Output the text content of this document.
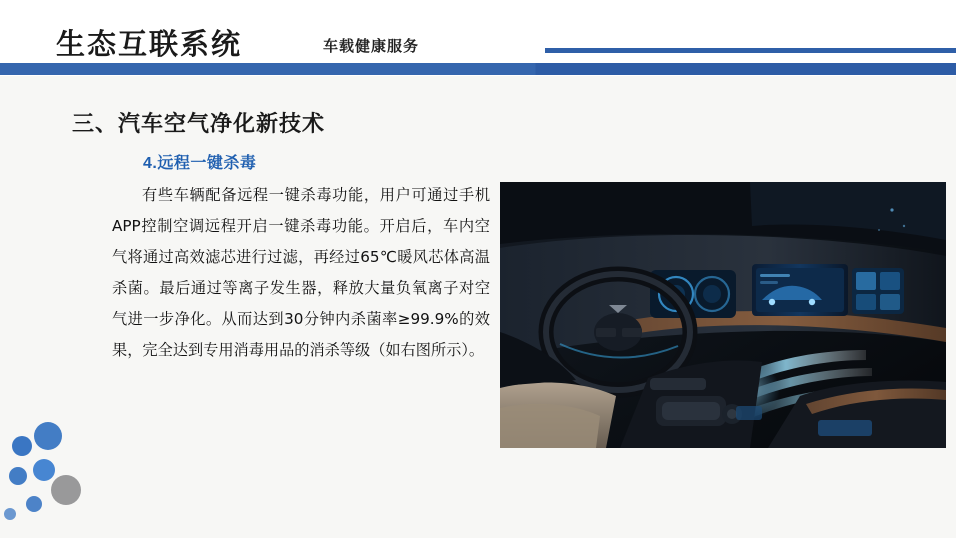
生态互联系统	车载健康服务
三、汽车空气净化新技术
4.远程一键杀毒
有些车辆配备远程一键杀毒功能，用户可通过手机APP控制空调远程开启一键杀毒功能。开启后，车内空气将通过高效滤芯进行过滤，再经过65℃暖风芯体高温杀菌。最后通过等离子发生器，释放大量负氧离子对空气进一步净化。从而达到30分钟内杀菌率≥99.9%的效果，完全达到专用消毒用品的消杀等级（如右图所示）。
